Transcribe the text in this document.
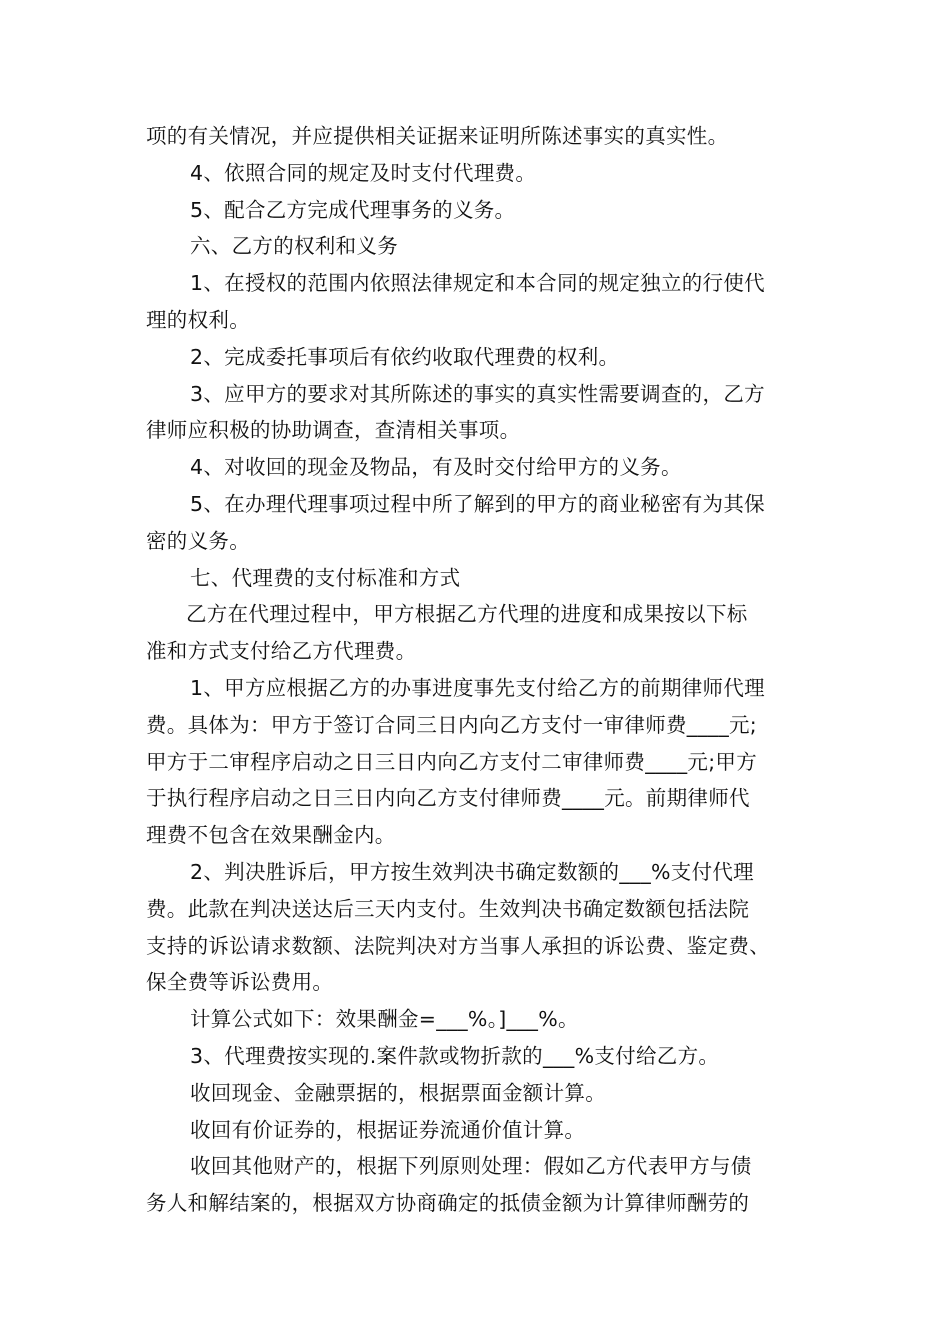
项的有关情况，并应提供相关证据来证明所陈述事实的真实性。
4、依照合同的规定及时支付代理费。
5、配合乙方完成代理事务的义务。
六、乙方的权利和义务
1、在授权的范围内依照法律规定和本合同的规定独立的行使代
理的权利。
2、完成委托事项后有依约收取代理费的权利。
3、应甲方的要求对其所陈述的事实的真实性需要调查的，乙方
律师应积极的协助调查，查清相关事项。
4、对收回的现金及物品，有及时交付给甲方的义务。
5、在办理代理事项过程中所了解到的甲方的商业秘密有为其保
密的义务。
七、代理费的支付标准和方式
乙方在代理过程中，甲方根据乙方代理的进度和成果按以下标
准和方式支付给乙方代理费。
1、甲方应根据乙方的办事进度事先支付给乙方的前期律师代理
费。具体为：甲方于签订合同三日内向乙方支付一审律师费____元;
甲方于二审程序启动之日三日内向乙方支付二审律师费____元;甲方
于执行程序启动之日三日内向乙方支付律师费____元。前期律师代
理费不包含在效果酬金内。
2、判决胜诉后，甲方按生效判决书确定数额的___%支付代理
费。此款在判决送达后三天内支付。生效判决书确定数额包括法院
支持的诉讼请求数额、法院判决对方当事人承担的诉讼费、鉴定费、
保全费等诉讼费用。
计算公式如下：效果酬金=___%。]___%。
3、代理费按实现的.案件款或物折款的___%支付给乙方。
收回现金、金融票据的，根据票面金额计算。
收回有价证券的，根据证券流通价值计算。
收回其他财产的，根据下列原则处理：假如乙方代表甲方与债
务人和解结案的，根据双方协商确定的抵债金额为计算律师酬劳的
